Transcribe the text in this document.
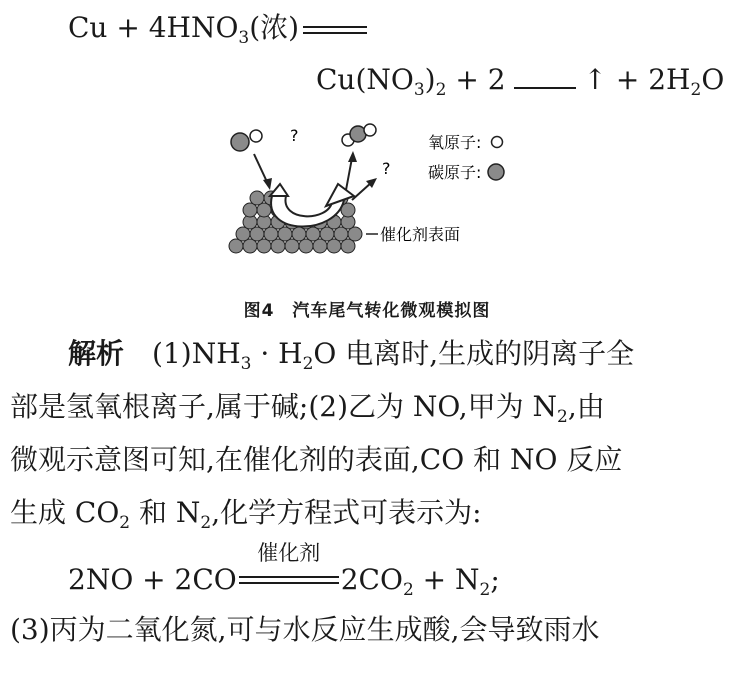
$Cu + 4HNO_3$(浓)
$Cu(NO_3)_2 + 2$	↑ + $2H_2O$
?
?
催化剂表面
氧原子:
碳原子:
图4　汽车尾气转化微观模拟图
解析　 $(1)NH_3 \cdot H_2O$ 电离时,生成的阴离子全
部是氢氧根离子,属于碱;(2)乙为 NO,甲为 $N_2$,由
微观示意图可知,在催化剂的表面,CO 和 NO 反应
生成 $CO_2$ 和 $N_2$,化学方程式可表示为:
2NO + 2CO
催化剂
$2CO_2 + N_2$;
(3)丙为二氧化氮,可与水反应生成酸,会导致雨水
